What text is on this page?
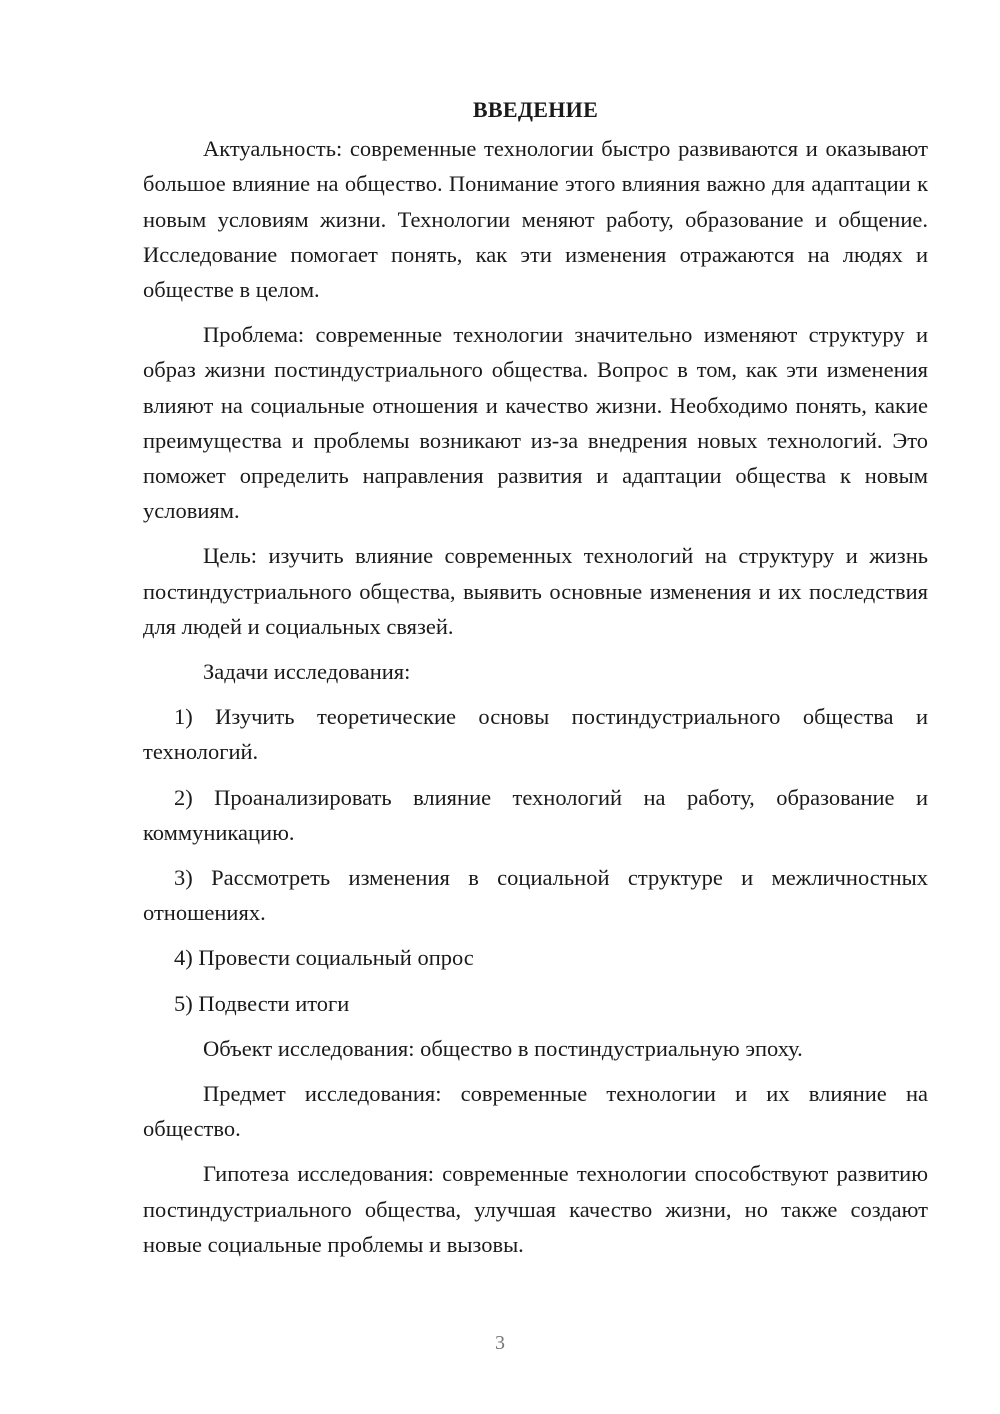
ВВЕДЕНИЕ

Актуальность: современные технологии быстро развиваются и оказывают большое влияние на общество. Понимание этого влияния важно для адаптации к новым условиям жизни. Технологии меняют работу, образование и общение. Исследование помогает понять, как эти изменения отражаются на людях и обществе в целом.

Проблема: современные технологии значительно изменяют структуру и образ жизни постиндустриального общества. Вопрос в том, как эти изменения влияют на социальные отношения и качество жизни. Необходимо понять, какие преимущества и проблемы возникают из-за внедрения новых технологий. Это поможет определить направления развития и адаптации общества к новым условиям.

Цель: изучить влияние современных технологий на структуру и жизнь постиндустриального общества, выявить основные изменения и их последствия для людей и социальных связей.

Задачи исследования:

1) Изучить теоретические основы постиндустриального общества и технологий.

2) Проанализировать влияние технологий на работу, образование и коммуникацию.

3) Рассмотреть изменения в социальной структуре и межличностных отношениях.

4) Провести социальный опрос

5) Подвести итоги

Объект исследования: общество в постиндустриальную эпоху.

Предмет исследования: современные технологии и их влияние на общество.

Гипотеза исследования: современные технологии способствуют развитию постиндустриального общества, улучшая качество жизни, но также создают новые социальные проблемы и вызовы.

3
